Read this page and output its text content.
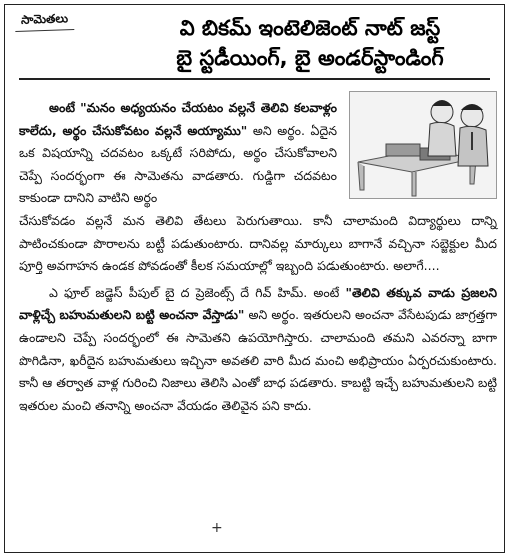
సామెతలు	వి బికమ్ ఇంటెలిజెంట్ నాట్ జస్ట్
బై స్టడీయింగ్, బై అండర్‌స్టాండింగ్
అంటే "మనం అధ్యయనం చేయటం వల్లనే తెలివి కలవాళ్లం కాలేదు, అర్థం చేసుకోవటం వల్లనే అయ్యాము" అని అర్థం. ఏదైన ఒక విషయాన్ని చదవటం ఒక్కటే సరిపోదు, అర్థం చేసుకోవాలని చెప్పే సందర్భంగా ఈ సామెతను వాడతారు. గుడ్డిగా చదవటం కాకుండా దానిని వాటిని అర్థం
చేసుకోవడం వల్లనే మన తెలివి తేటలు పెరుగుతాయి. కానీ చాలామంది విద్యార్థులు దాన్ని పాటించకుండా పొరాలను బట్టీ పడుతుంటారు. దానివల్ల మార్కులు బాగానే వచ్చినా సబ్జెక్టుల మీద పూర్తి అవగాహన ఉండక పోవడంతో కీలక సమయాల్లో ఇబ్బంది పడుతుంటారు. అలాగే....
ఎ ఫూల్ జడ్జెస్ పీపుల్ బై ద ప్రెజెంట్స్ దే గివ్ హిమ్. అంటే "తెలివి తక్కువ వాడు ప్రజలని వాళ్లిచ్చే బహుమతులని బట్టి అంచనా వేస్తాడు" అని అర్థం. ఇతరులని అంచనా వేసేటపుడు జాగ్రత్తగా ఉండాలని చెప్పే సందర్భంలో ఈ సామెతని ఉపయోగిస్తారు. చాలామంది తమని ఎవరన్నా బాగా పొగిడినా, ఖరీదైన బహుమతులు ఇచ్చినా అవతలి వారి మీద మంచి అభిప్రాయం ఏర్పరచుకుంటారు. కానీ ఆ తర్వాత వాళ్ల గురించి నిజాలు తెలిసి ఎంతో బాధ పడతారు. కాబట్టి ఇచ్చే బహుమతులని బట్టి ఇతరుల మంచి తనాన్ని అంచనా వేయడం తెలివైన పని కాదు.
+
